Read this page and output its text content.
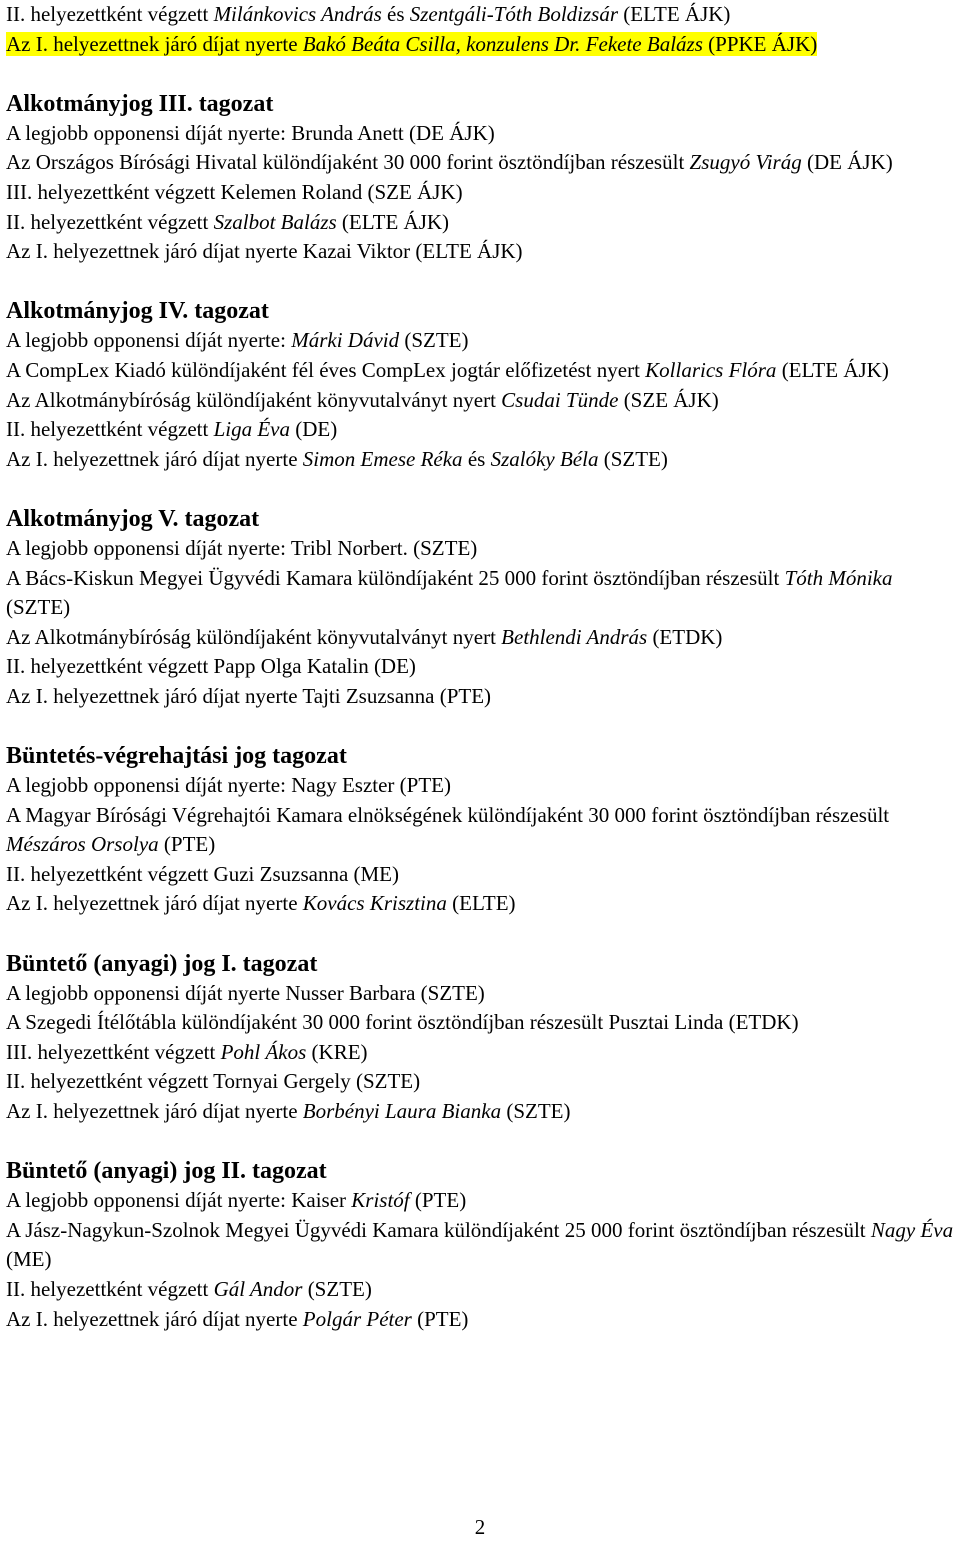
II. helyezettként végzett Milánkovics András és Szentgáli-Tóth Boldizsár (ELTE ÁJK)
Az I. helyezettnek járó díjat nyerte Bakó Beáta Csilla, konzulens Dr. Fekete Balázs (PPKE ÁJK)
Alkotmányjog III. tagozat
A legjobb opponensi díját nyerte: Brunda Anett (DE ÁJK)
Az Országos Bírósági Hivatal különdíjaként 30 000 forint ösztöndíjban részesült Zsugyó Virág (DE ÁJK)
III. helyezettként végzett Kelemen Roland (SZE ÁJK)
II. helyezettként végzett Szalbot Balázs (ELTE ÁJK)
Az I. helyezettnek járó díjat nyerte Kazai Viktor (ELTE ÁJK)
Alkotmányjog IV. tagozat
A legjobb opponensi díját nyerte: Márki Dávid (SZTE)
A CompLex Kiadó különdíjaként fél éves CompLex jogtár előfizetést nyert Kollarics Flóra (ELTE ÁJK)
Az Alkotmánybíróság különdíjaként könyvutalványt nyert Csudai Tünde (SZE ÁJK)
II. helyezettként végzett Liga Éva (DE)
Az I. helyezettnek járó díjat nyerte Simon Emese Réka és Szalóky Béla (SZTE)
Alkotmányjog V. tagozat
A legjobb opponensi díját nyerte: Tribl Norbert. (SZTE)
A Bács-Kiskun Megyei Ügyvédi Kamara különdíjaként 25 000 forint ösztöndíjban részesült Tóth Mónika (SZTE)
Az Alkotmánybíróság különdíjaként könyvutalványt nyert Bethlendi András (ETDK)
II. helyezettként végzett Papp Olga Katalin (DE)
Az I. helyezettnek járó díjat nyerte Tajti Zsuzsanna (PTE)
Büntetés-végrehajtási jog tagozat
A legjobb opponensi díját nyerte: Nagy Eszter (PTE)
A Magyar Bírósági Végrehajtói Kamara elnökségének különdíjaként 30 000 forint ösztöndíjban részesült Mészáros Orsolya (PTE)
II. helyezettként végzett Guzi Zsuzsanna (ME)
Az I. helyezettnek járó díjat nyerte Kovács Krisztina (ELTE)
Büntető (anyagi) jog I. tagozat
A legjobb opponensi díját nyerte Nusser Barbara (SZTE)
A Szegedi Ítélőtábla különdíjaként 30 000 forint ösztöndíjban részesült Pusztai Linda (ETDK)
III. helyezettként végzett Pohl Ákos (KRE)
II. helyezettként végzett Tornyai Gergely (SZTE)
Az I. helyezettnek járó díjat nyerte Borbényi Laura Bianka (SZTE)
Büntető (anyagi) jog II. tagozat
A legjobb opponensi díját nyerte: Kaiser Kristóf (PTE)
A Jász-Nagykun-Szolnok Megyei Ügyvédi Kamara különdíjaként 25 000 forint ösztöndíjban részesült Nagy Éva (ME)
II. helyezettként végzett Gál Andor (SZTE)
Az I. helyezettnek járó díjat nyerte Polgár Péter (PTE)
2
